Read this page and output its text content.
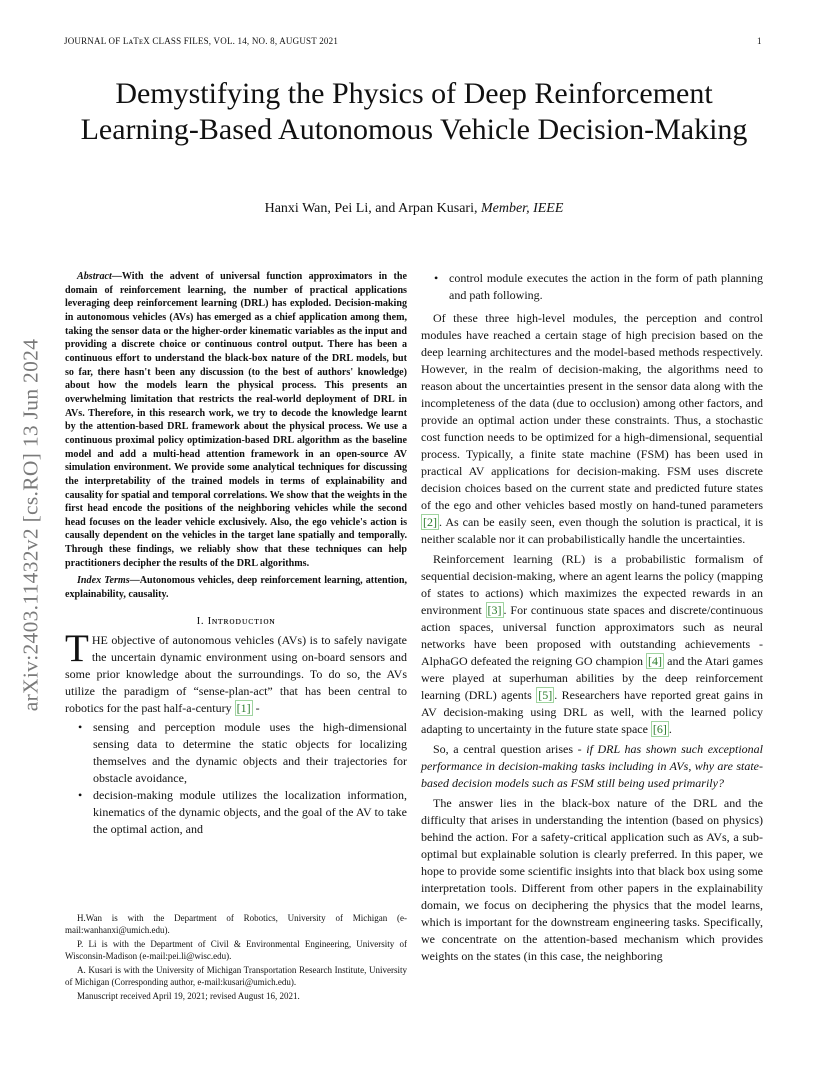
JOURNAL OF LᴀTᴇX CLASS FILES, VOL. 14, NO. 8, AUGUST 2021	1
arXiv:2403.11432v2 [cs.RO] 13 Jun 2024
Demystifying the Physics of Deep Reinforcement Learning-Based Autonomous Vehicle Decision-Making
Hanxi Wan, Pei Li, and Arpan Kusari, Member, IEEE

Abstract—With the advent of universal function approximators in the domain of reinforcement learning, the number of practical applications leveraging deep reinforcement learning (DRL) has exploded. Decision-making in autonomous vehicles (AVs) has emerged as a chief application among them, taking the sensor data or the higher-order kinematic variables as the input and providing a discrete choice or continuous control output. There has been a continuous effort to understand the black-box nature of the DRL models, but so far, there hasn't been any discussion (to the best of authors' knowledge) about how the models learn the physical process. This presents an overwhelming limitation that restricts the real-world deployment of DRL in AVs. Therefore, in this research work, we try to decode the knowledge learnt by the attention-based DRL framework about the physical process. We use a continuous proximal policy optimization-based DRL algorithm as the baseline model and add a multi-head attention framework in an open-source AV simulation environment. We provide some analytical techniques for discussing the interpretability of the trained models in terms of explainability and causality for spatial and temporal correlations. We show that the weights in the first head encode the positions of the neighboring vehicles while the second head focuses on the leader vehicle exclusively. Also, the ego vehicle's action is causally dependent on the vehicles in the target lane spatially and temporally. Through these findings, we reliably show that these techniques can help practitioners decipher the results of the DRL algorithms.

Index Terms—Autonomous vehicles, deep reinforcement learning, attention, explainability, causality.

I. Iɴᴛʀᴏᴅᴜᴄᴛɪᴏɴ

THE objective of autonomous vehicles (AVs) is to safely navigate the uncertain dynamic environment using on-board sensors and some prior knowledge about the surroundings. To do so, the AVs utilize the paradigm of “sense-plan-act” that has been central to robotics for the past half-a-century [1] -

• sensing and perception module uses the high-dimensional sensing data to determine the static objects for localizing themselves and the dynamic objects and their trajectories for obstacle avoidance,
• decision-making module utilizes the localization information, kinematics of the dynamic objects, and the goal of the AV to take the optimal action, and

H.Wan is with the Department of Robotics, University of Michigan (e-mail:wanhanxi@umich.edu).

P. Li is with the Department of Civil & Environmental Engineering, University of Wisconsin-Madison (e-mail:pei.li@wisc.edu).

A. Kusari is with the University of Michigan Transportation Research Institute, University of Michigan (Corresponding author, e-mail:kusari@umich.edu).

Manuscript received April 19, 2021; revised August 16, 2021.

• control module executes the action in the form of path planning and path following.

Of these three high-level modules, the perception and control modules have reached a certain stage of high precision based on the deep learning architectures and the model-based methods respectively. However, in the realm of decision-making, the algorithms need to reason about the uncertainties present in the sensor data along with the incompleteness of the data (due to occlusion) among other factors, and provide an optimal action under these constraints. Thus, a stochastic cost function needs to be optimized for a high-dimensional, sequential process. Typically, a finite state machine (FSM) has been used in practical AV applications for decision-making. FSM uses discrete decision choices based on the current state and predicted future states of the ego and other vehicles based mostly on hand-tuned parameters [2] . As can be easily seen, even though the solution is practical, it is neither scalable nor it can probabilistically handle the uncertainties.

Reinforcement learning (RL) is a probabilistic formalism of sequential decision-making, where an agent learns the policy (mapping of states to actions) which maximizes the expected rewards in an environment [3] . For continuous state spaces and discrete/continuous action spaces, universal function approximators such as neural networks have been proposed with outstanding achievements - AlphaGO defeated the reigning GO champion [4] and the Atari games were played at superhuman abilities by the deep reinforcement learning (DRL) agents [5] . Researchers have reported great gains in AV decision-making using DRL as well, with the learned policy adapting to uncertainty in the future state space [6] .

So, a central question arises - if DRL has shown such exceptional performance in decision-making tasks including in AVs, why are state-based decision models such as FSM still being used primarily?

The answer lies in the black-box nature of the DRL and the difficulty that arises in understanding the intention (based on physics) behind the action. For a safety-critical application such as AVs, a sub-optimal but explainable solution is clearly preferred. In this paper, we hope to provide some scientific insights into that black box using some interpretation tools. Different from other papers in the explainability domain, we focus on deciphering the physics that the model learns, which is important for the downstream engineering tasks. Specifically, we concentrate on the attention-based mechanism which provides weights on the states (in this case, the neighboring
